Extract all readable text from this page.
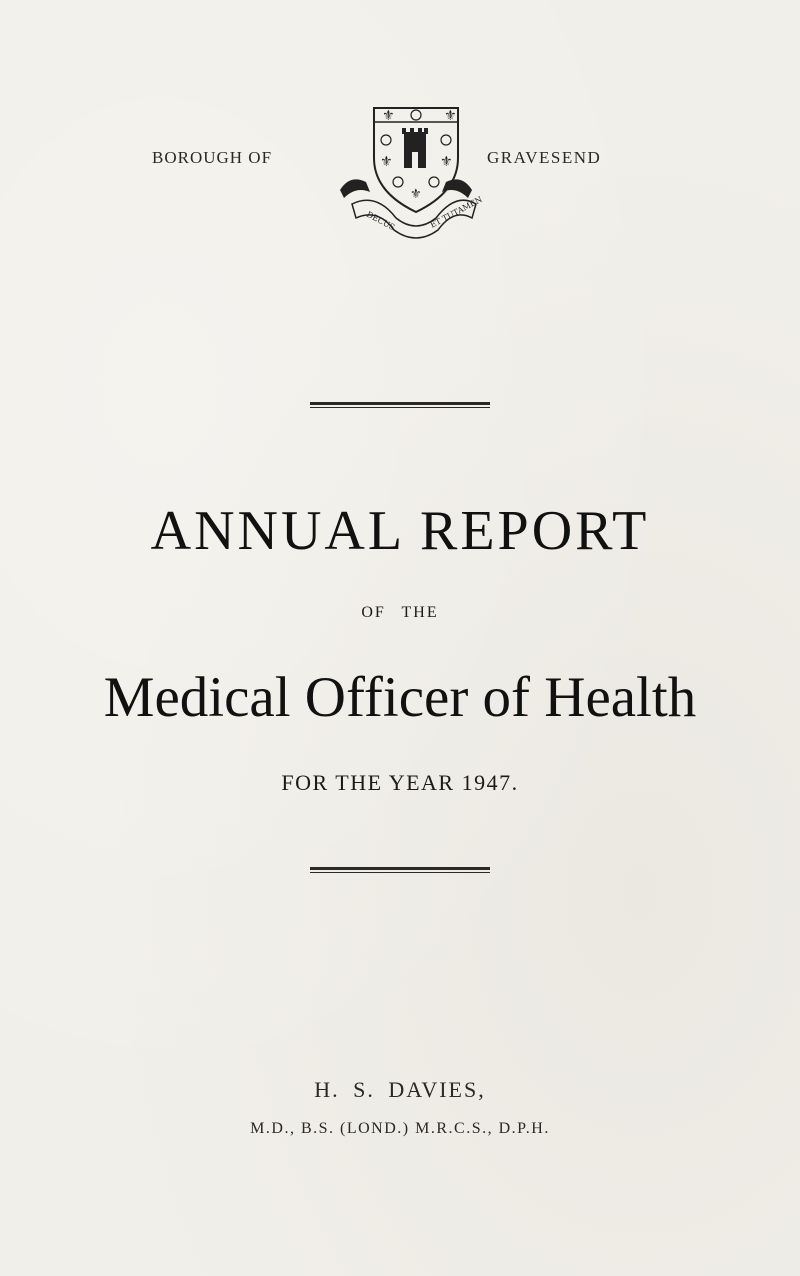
BOROUGH OF
⚜	⚜
⚜	⚜
⚜
DECUS	ET TUTAMEN
GRAVESEND
ANNUAL REPORT
OF THE
Medical Officer of Health
FOR THE YEAR 1947.
H. S. DAVIES,
M.D., B.S. (LOND.) M.R.C.S., D.P.H.
